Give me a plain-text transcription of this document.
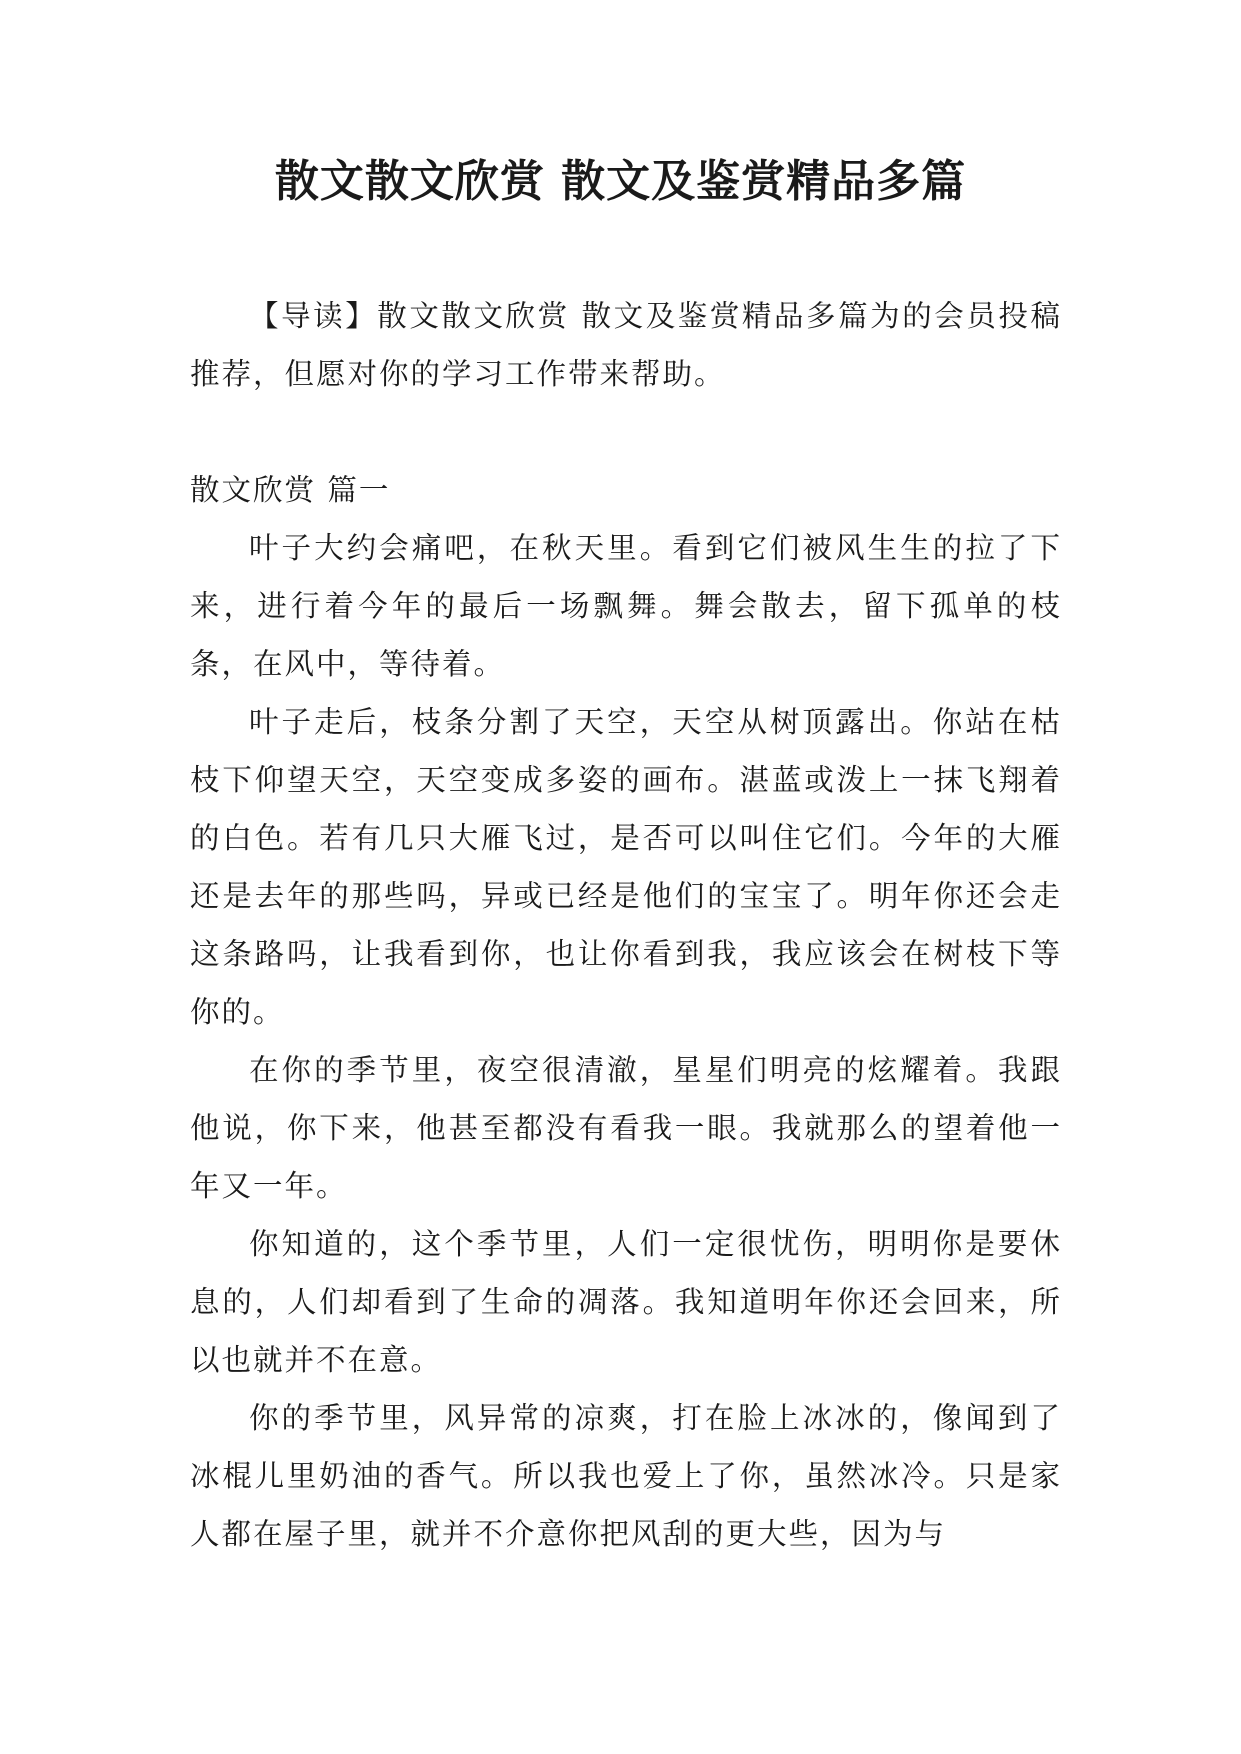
散文散文欣赏 散文及鉴赏精品多篇

【导读】散文散文欣赏 散文及鉴赏精品多篇为的会员投稿推荐，但愿对你的学习工作带来帮助。

散文欣赏 篇一

叶子大约会痛吧，在秋天里。看到它们被风生生的拉了下来，进行着今年的最后一场飘舞。舞会散去，留下孤单的枝条，在风中，等待着。

叶子走后，枝条分割了天空，天空从树顶露出。你站在枯枝下仰望天空，天空变成多姿的画布。湛蓝或泼上一抹飞翔着的白色。若有几只大雁飞过，是否可以叫住它们。今年的大雁还是去年的那些吗，异或已经是他们的宝宝了。明年你还会走这条路吗，让我看到你，也让你看到我，我应该会在树枝下等你的。

在你的季节里，夜空很清澈，星星们明亮的炫耀着。我跟他说，你下来，他甚至都没有看我一眼。我就那么的望着他一年又一年。

你知道的，这个季节里，人们一定很忧伤，明明你是要休息的，人们却看到了生命的凋落。我知道明年你还会回来，所以也就并不在意。

你的季节里，风异常的凉爽，打在脸上冰冰的，像闻到了冰棍儿里奶油的香气。所以我也爱上了你，虽然冰冷。只是家人都在屋子里，就并不介意你把风刮的更大些，因为与
